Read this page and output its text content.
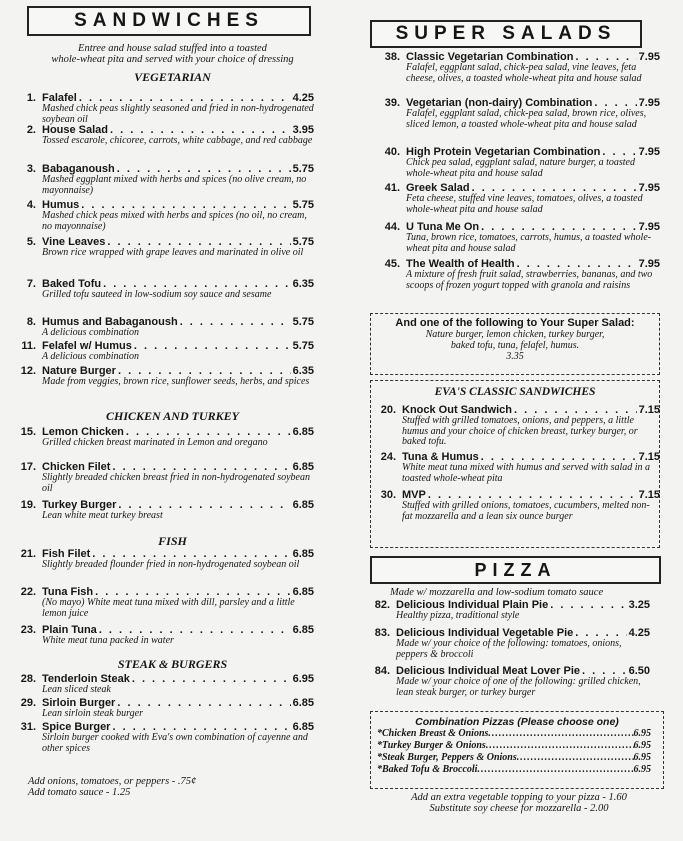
SANDWICHES
Entree and house salad stuffed into a toasted
whole-wheat pita and served with your choice of dressing
VEGETARIAN
1. Falafel . . .	4.25
Mashed chick peas slightly seasoned and fried in non-hydrogenated soybean oil
2. House Salad . . .	3.95
Tossed escarole, chicoree, carrots, white cabbage, and red cabbage
3. Babaganoush . . .	5.75
Mashed eggplant mixed with herbs and spices (no olive cream, no mayonnaise)
4. Humus . . .	5.75
Mashed chick peas mixed with herbs and spices (no oil, no cream, no mayonnaise)
5. Vine Leaves . . .	5.75
Brown rice wrapped with grape leaves and marinated in olive oil
7. Baked Tofu . . .	6.35
Grilled tofu sauteed in low-sodium soy sauce and sesame
8. Humus and Babaganoush . . .	5.75
A delicious combination
11. Felafel w/ Humus . . .	5.75
A delicious combination
12. Nature Burger . . .	6.35
Made from veggies, brown rice, sunflower seeds, herbs, and spices
CHICKEN AND TURKEY
15. Lemon Chicken . . .	6.85
Grilled chicken breast marinated in Lemon and oregano
17. Chicken Filet . . .	6.85
Slightly breaded chicken breast fried in non-hydrogenated soybean oil
19. Turkey Burger . . .	6.85
Lean white meat turkey breast
FISH
21. Fish Filet . . .	6.85
Slightly breaded flounder fried in non-hydrogenated soybean oil
22. Tuna Fish . . .	6.85
(No mayo) White meat tuna mixed with dill, parsley and a little lemon juice
23. Plain Tuna . . .	6.85
White meat tuna packed in water
STEAK & BURGERS
28. Tenderloin Steak . . .	6.95
Lean sliced steak
29. Sirloin Burger . . .	6.85
Lean sirloin steak burger
31. Spice Burger . . .	6.85
Sirloin burger cooked with Eva's own combination of cayenne and other spices
Add onions, tomatoes, or peppers - .75¢
Add tomato sauce - 1.25
SUPER SALADS
38. Classic Vegetarian Combination . . .	7.95
Falafel, eggplant salad, chick-pea salad, vine leaves, feta cheese, olives, a toasted whole-wheat pita and house salad
39. Vegetarian (non-dairy) Combination . . .	7.95
Falafel, eggplant salad, chick-pea salad, brown rice, olives, sliced lemon, a toasted whole-wheat pita and house salad
40. High Protein Vegetarian Combination . . .	7.95
Chick pea salad, eggplant salad, nature burger, a toasted whole-wheat pita and house salad
41. Greek Salad . . .	7.95
Feta cheese, stuffed vine leaves, tomatoes, olives, a toasted whole-wheat pita and house salad
44. U Tuna Me On . . .	7.95
Tuna, brown rice, tomatoes, carrots, humus, a toasted whole-wheat pita and house salad
45. The Wealth of Health . . .	7.95
A mixture of fresh fruit salad, strawberries, bananas, and two scoops of frozen yogurt topped with granola and raisins
And one of the following to Your Super Salad:
Nature burger, lemon chicken, turkey burger,
baked tofu, tuna, felafel, humus.
3.35
EVA'S CLASSIC SANDWICHES
20. Knock Out Sandwich . . .	7.15
Stuffed with grilled tomatoes, onions, and peppers, a little humus and your choice of chicken breast, turkey burger, or baked tofu.
24. Tuna & Humus . . .	7.15
White meat tuna mixed with humus and served with salad in a toasted whole-wheat pita
30. MVP . . .	7.15
Stuffed with grilled onions, tomatoes, cucumbers, melted non-fat mozzarella and a lean six ounce burger
PIZZA
Made w/ mozzarella and low-sodium tomato sauce
82. Delicious Individual Plain Pie . . .	3.25
Healthy pizza, traditional style
83. Delicious Individual Vegetable Pie . . .	4.25
Made w/ your choice of the following: tomatoes, onions, peppers & broccoli
84. Delicious Individual Meat Lover Pie . . .	6.50
Made w/ your choice of one of the following: grilled chicken, lean steak burger, or turkey burger
Combination Pizzas (Please choose one)
*Chicken Breast & Onions .....	6.95
*Turkey Burger & Onions .....	6.95
*Steak Burger, Peppers & Onions .....	6.95
*Baked Tofu & Broccoli .....	6.95
Add an extra vegetable topping to your pizza - 1.60
Substitute soy cheese for mozzarella - 2.00
